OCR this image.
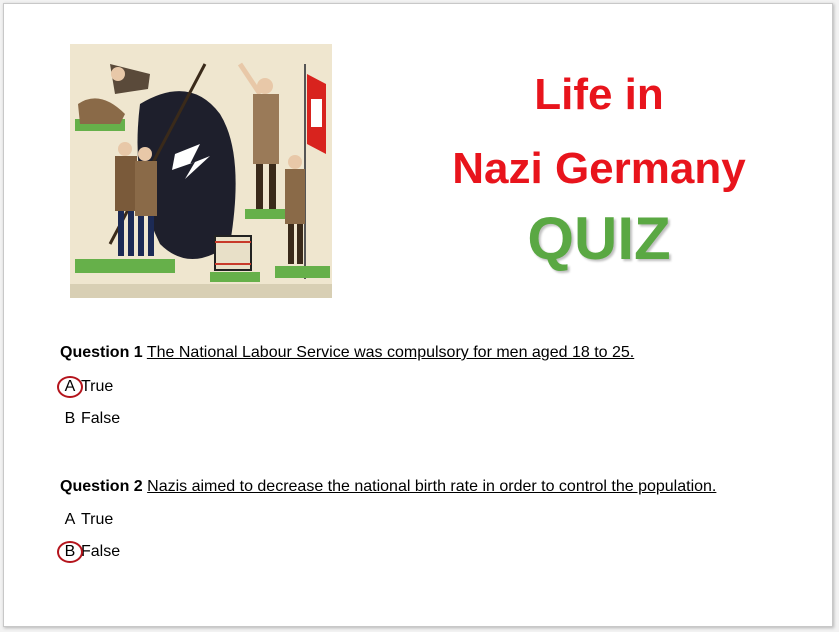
Life in
Nazi Germany
QUIZ
Question 1 The National Labour Service was compulsory for men aged 18 to 25.
A True
B False
Question 2 Nazis aimed to decrease the national birth rate in order to control the population.
A True
B False
